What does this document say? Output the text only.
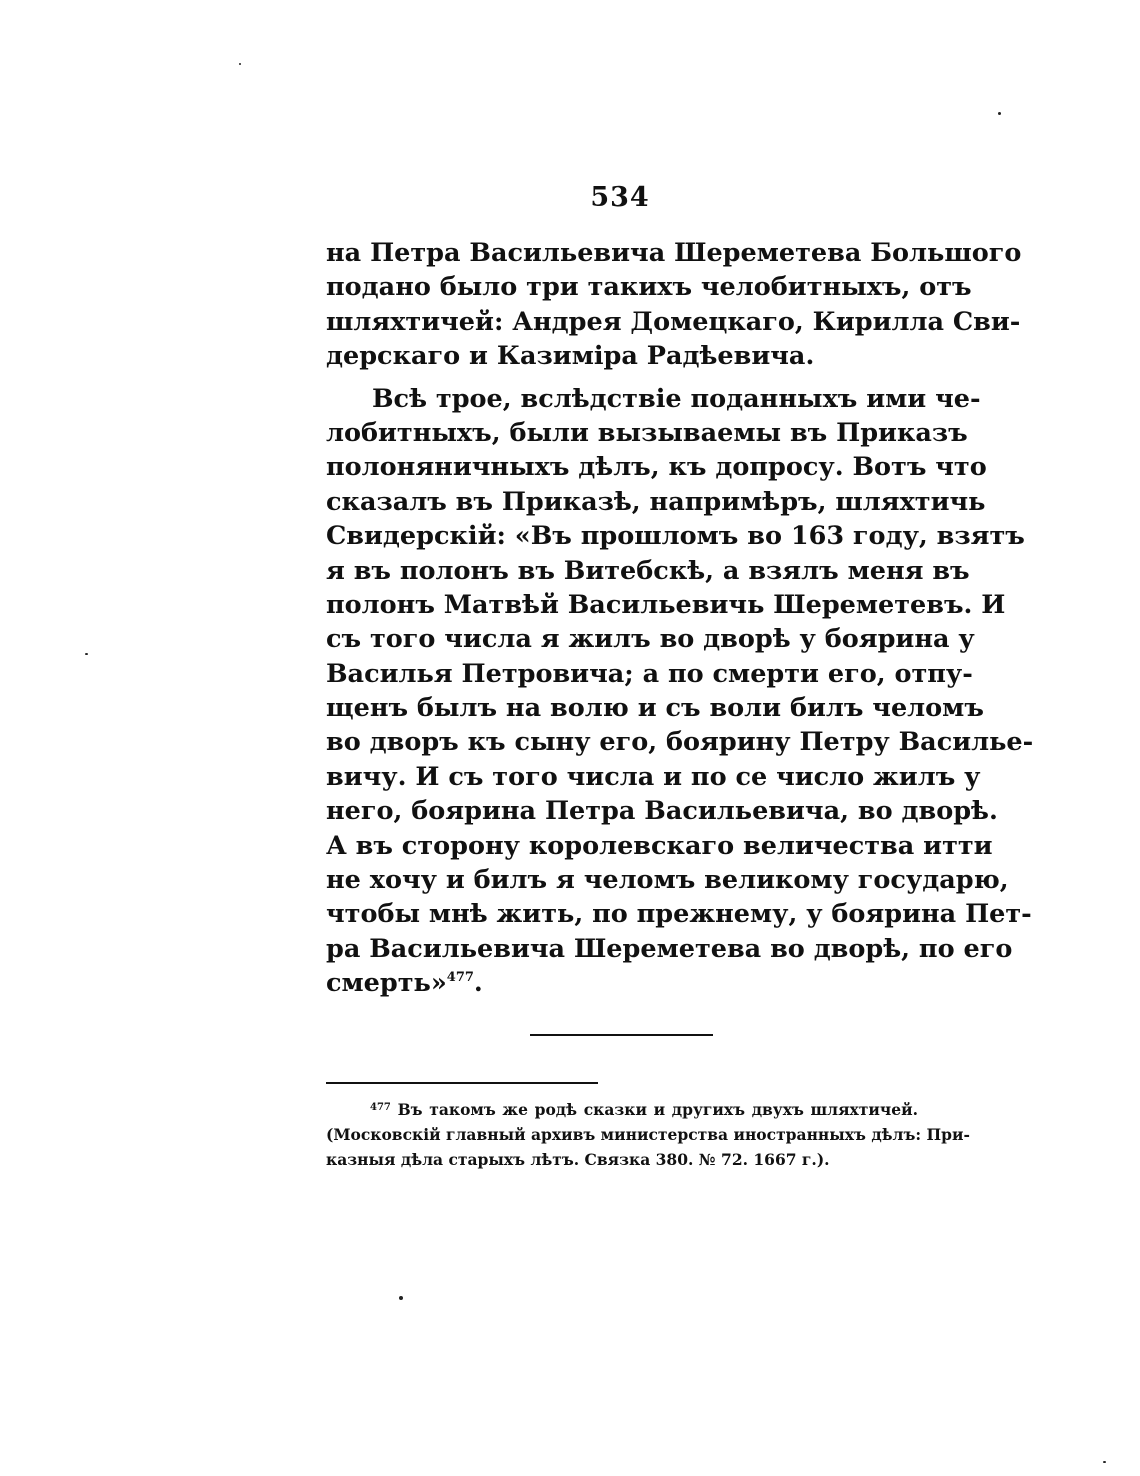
534
на Петра Васильевича Шереметева Большого
подано было три такихъ челобитныхъ, отъ
шляхтичей: Андрея Домецкаго, Кирилла Сви-
дерскаго и Казиміра Радѣевича.
Всѣ трое, вслѣдствіе поданныхъ ими че-
лобитныхъ, были вызываемы въ Приказъ
полоняничныхъ дѣлъ, къ допросу. Вотъ что
сказалъ въ Приказѣ, напримѣръ, шляхтичь
Свидерскій: «Въ прошломъ во 163 году, взятъ
я въ полонъ въ Витебскѣ, а взялъ меня въ
полонъ Матвѣй Васильевичь Шереметевъ. И
съ того числа я жилъ во дворѣ у боярина у
Василья Петровича; а по смерти его, отпу-
щенъ былъ на волю и съ воли билъ челомъ
во дворъ къ сыну его, боярину Петру Василье-
вичу. И съ того числа и по се число жилъ у
него, боярина Петра Васильевича, во дворѣ.
А въ сторону королевскаго величества итти
не хочу и билъ я челомъ великому государю,
чтобы мнѣ жить, по прежнему, у боярина Пет-
ра Васильевича Шереметева во дворѣ, по его
смерть»$^{477}$.
$^{477}$ Въ такомъ же родѣ сказки и другихъ двухъ шляхтичей.
(Московскій главный архивъ министерства иностранныхъ дѣлъ: При-
казныя дѣла старыхъ лѣтъ. Связка 380. № 72. 1667 г.).
